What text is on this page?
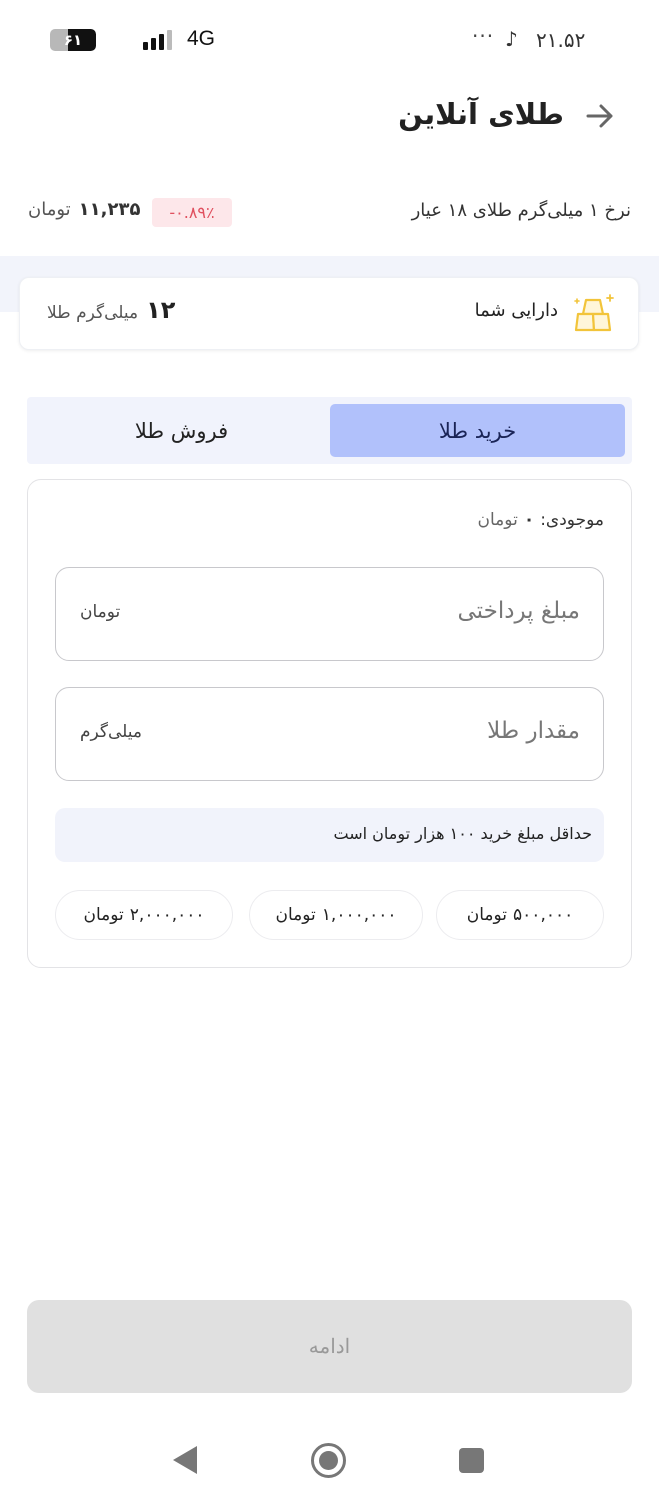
۶۱	4G	··· ♪ ۲۱.۵۲
طلای آنلاین
نرخ ۱ میلی‌گرم طلای ۱۸ عیار
-۰.۸۹٪
۱۱,۲۳۵
تومان
دارایی شما
۱۲
میلی‌گرم طلا
خرید طلا
فروش طلا
موجودی:
۰
تومان
مبلغ پرداختی
تومان
مقدار طلا
میلی‌گرم
حداقل مبلغ خرید ۱۰۰ هزار تومان است
۵۰۰,۰۰۰
تومان
۱,۰۰۰,۰۰۰
تومان
۲,۰۰۰,۰۰۰
تومان
ادامه
